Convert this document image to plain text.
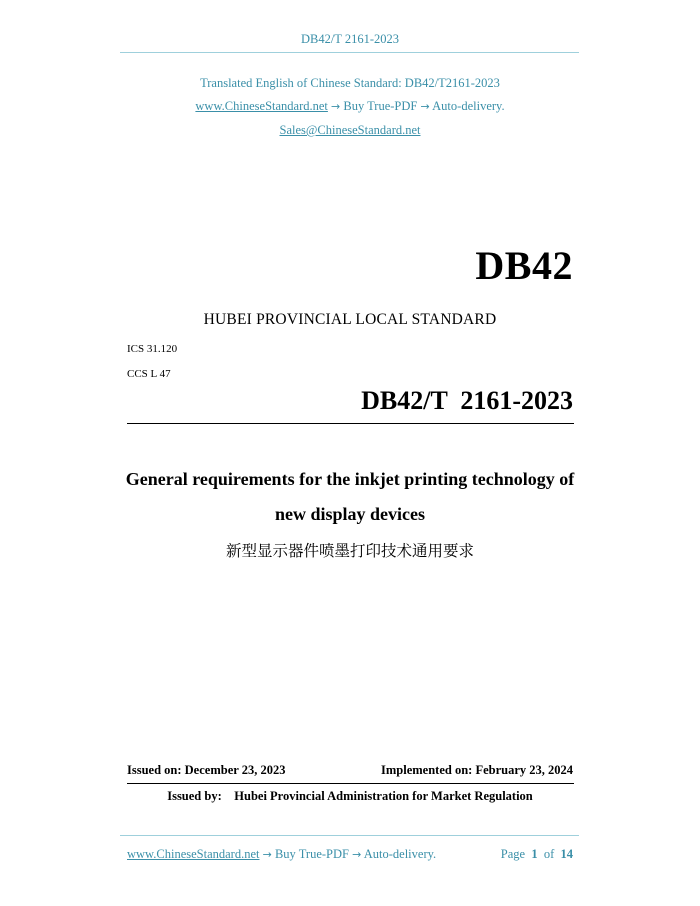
DB42/T 2161-2023
Translated English of Chinese Standard: DB42/T2161-2023
www.ChineseStandard.net → Buy True-PDF → Auto-delivery.
Sales@ChineseStandard.net
DB42
HUBEI PROVINCIAL LOCAL STANDARD
ICS 31.120
CCS L 47
DB42/T  2161-2023
General requirements for the inkjet printing technology of
new display devices
新型显示器件喷墨打印技术通用要求
Issued on: December 23, 2023	Implemented on: February 23, 2024
Issued by: Hubei Provincial Administration for Market Regulation
www.ChineseStandard.net → Buy True-PDF → Auto-delivery.	Page 1 of 14
